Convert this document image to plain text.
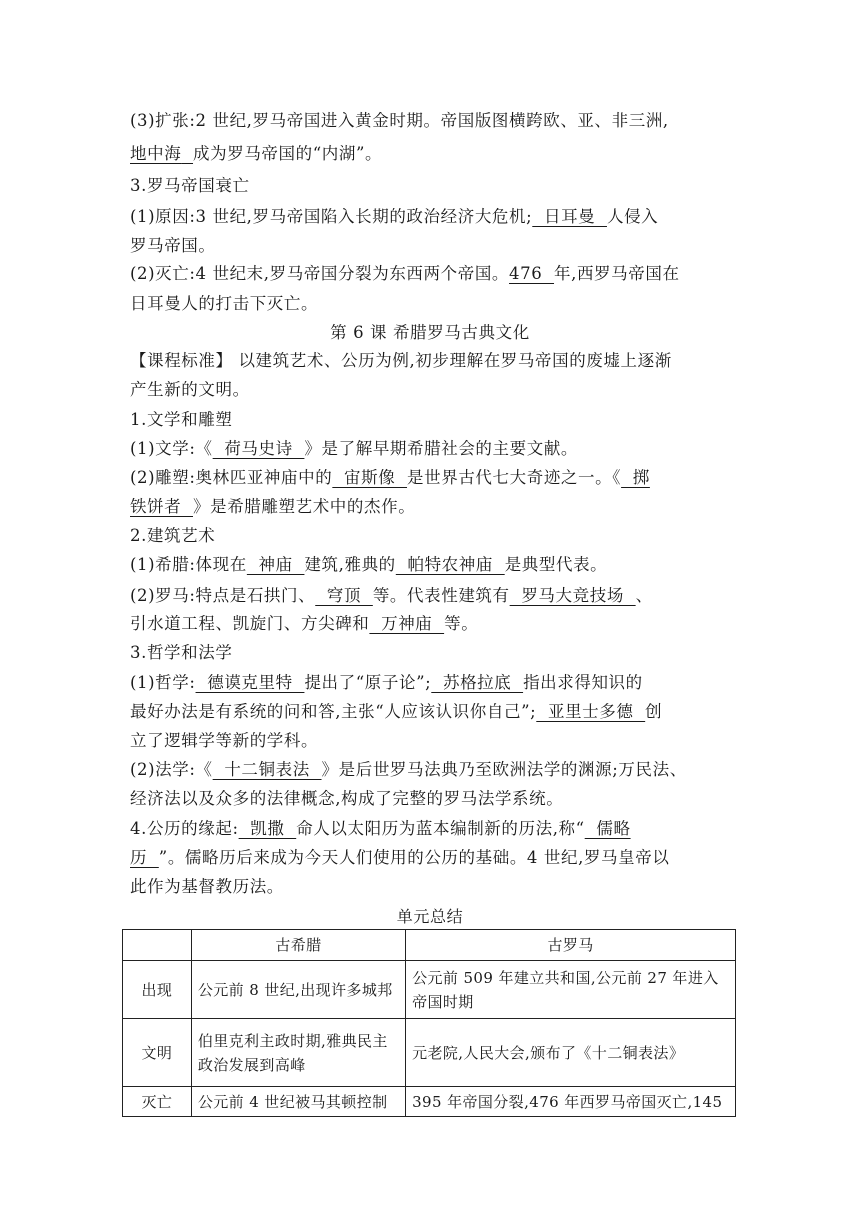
(3)扩张:2 世纪,罗马帝国进入黄金时期。帝国版图横跨欧、亚、非三洲,
地中海 成为罗马帝国的“内湖”。
3.罗马帝国衰亡
(1)原因:3 世纪,罗马帝国陷入长期的政治经济大危机;  日耳曼  人侵入
罗马帝国。
(2)灭亡:4 世纪末,罗马帝国分裂为东西两个帝国。476  年,西罗马帝国在
日耳曼人的打击下灭亡。
第 6 课 希腊罗马古典文化
【课程标准】 以建筑艺术、公历为例,初步理解在罗马帝国的废墟上逐渐
产生新的文明。
1.文学和雕塑
(1)文学:《  荷马史诗  》是了解早期希腊社会的主要文献。
(2)雕塑:奥林匹亚神庙中的  宙斯像  是世界古代七大奇迹之一。《  掷
铁饼者  》是希腊雕塑艺术中的杰作。
2.建筑艺术
(1)希腊:体现在  神庙  建筑,雅典的  帕特农神庙  是典型代表。
(2)罗马:特点是石拱门、  穹顶  等。代表性建筑有  罗马大竞技场  、
引水道工程、凯旋门、方尖碑和  万神庙  等。
3.哲学和法学
(1)哲学:  德谟克里特  提出了“原子论”;  苏格拉底  指出求得知识的
最好办法是有系统的问和答,主张“人应该认识你自己”;  亚里士多德  创
立了逻辑学等新的学科。
(2)法学:《  十二铜表法  》是后世罗马法典乃至欧洲法学的渊源;万民法、
经济法以及众多的法律概念,构成了完整的罗马法学系统。
4.公历的缘起:  凯撒  命人以太阳历为蓝本编制新的历法,称“  儒略
历  ”。儒略历后来成为今天人们使用的公历的基础。4 世纪,罗马皇帝以
此作为基督教历法。
单元总结
	古希腊	古罗马
出现	公元前 8 世纪,出现许多城邦	公元前 509 年建立共和国,公元前 27 年进入帝国时期
文明	伯里克利主政时期,雅典民主政治发展到高峰	元老院,人民大会,颁布了《十二铜表法》
灭亡	公元前 4 世纪被马其顿控制	395 年帝国分裂,476 年西罗马帝国灭亡,145
